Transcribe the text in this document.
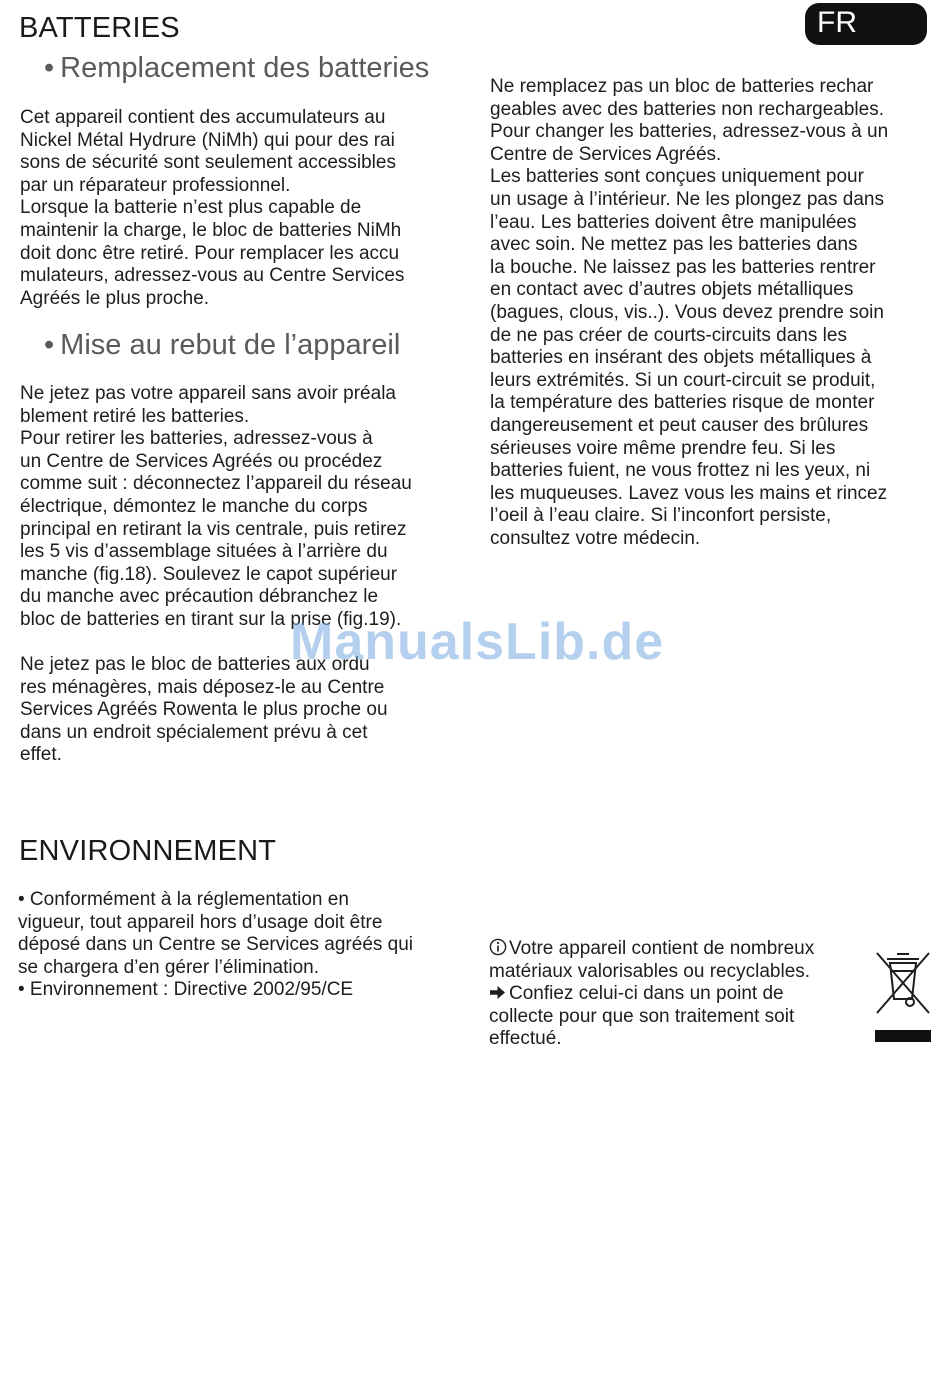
BATTERIES	FR
• Remplacement des batteries
Cet appareil contient des accumulateurs au
Nickel Métal Hydrure (NiMh) qui pour des rai
sons de sécurité sont seulement accessibles
par un réparateur professionnel.
Lorsque la batterie n’est plus capable de
maintenir la charge, le bloc de batteries NiMh
doit donc être retiré. Pour remplacer les accu
mulateurs, adressez-vous au Centre Services
Agréés le plus proche.
• Mise au rebut de l’appareil
Ne jetez pas votre appareil sans avoir préala
blement retiré les batteries.
Pour retirer les batteries, adressez-vous à
un Centre de Services Agréés ou procédez
comme suit : déconnectez l’appareil du réseau
électrique, démontez le manche du corps
principal en retirant la vis centrale, puis retirez
les 5 vis d’assemblage situées à l’arrière du
manche (fig.18). Soulevez le capot supérieur
du manche avec précaution débranchez le
bloc de batteries en tirant sur la prise (fig.19).
Ne jetez pas le bloc de batteries aux ordu
res ménagères, mais déposez-le au Centre
Services Agréés Rowenta le plus proche ou
dans un endroit spécialement prévu à cet
effet.
Ne remplacez pas un bloc de batteries rechar
geables avec des batteries non rechargeables.
Pour changer les batteries, adressez-vous à un
Centre de Services Agréés.
Les batteries sont conçues uniquement pour
un usage à l’intérieur. Ne les plongez pas dans
l’eau. Les batteries doivent être manipulées
avec soin. Ne mettez pas les batteries dans
la bouche. Ne laissez pas les batteries rentrer
en contact avec d’autres objets métalliques
(bagues, clous, vis..). Vous devez prendre soin
de ne pas créer de courts-circuits dans les
batteries en insérant des objets métalliques à
leurs extrémités. Si un court-circuit se produit,
la température des batteries risque de monter
dangereusement et peut causer des brûlures
sérieuses voire même prendre feu. Si les
batteries fuient, ne vous frottez ni les yeux, ni
les muqueuses. Lavez vous les mains et rincez
l’oeil à l’eau claire. Si l’inconfort persiste,
consultez votre médecin.
ManualsLib.de
ENVIRONNEMENT
• Conformément à la réglementation en
vigueur, tout appareil hors d’usage doit être
déposé dans un Centre se Services agréés qui
se chargera d’en gérer l’élimination.
• Environnement : Directive 2002/95/CE
Votre appareil contient de nombreux
matériaux valorisables ou recyclables.
Confiez celui-ci dans un point de
collecte pour que son traitement soit
effectué.
